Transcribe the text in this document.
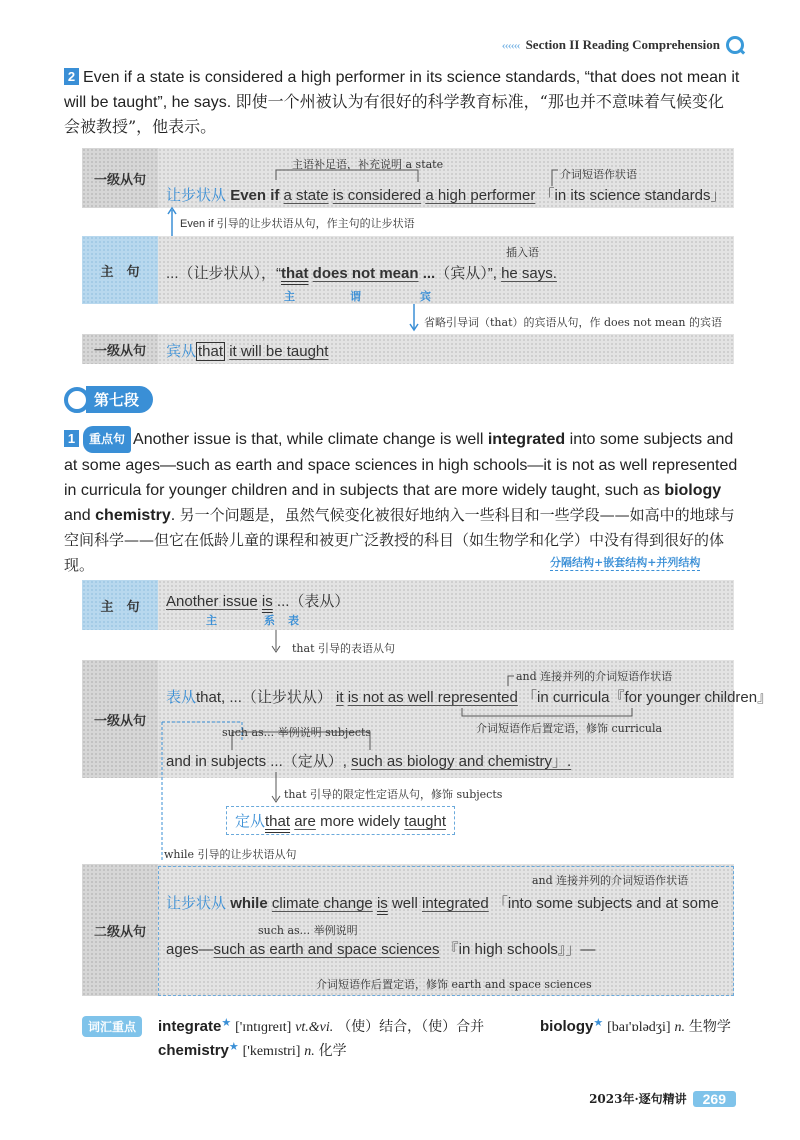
‹‹‹‹‹‹ Section II Reading Comprehension
2 Even if a state is considered a high performer in its science standards, “that does not mean it will be taught”, he says. 即使一个州被认为有很好的科学教育标准，“那也并不意味着气候变化
会被教授”，他表示。
一级从句
主语补足语，补充说明 a state
介词短语作状语
让步状从 Even if a state is considered a high performer 「in its science standards」
Even if 引导的让步状语从句，作主句的让步状语
主　句
插入语
...（让步状从），“that does not mean ...（宾从）”, he says.
主	谓	宾
省略引导词（that）的宾语从句，作 does not mean 的宾语
一级从句	宾从 that it will be taught
第七段
1 重点句 Another issue is that, while climate change is well integrated into some subjects and at some ages—such as earth and space sciences in high schools—it is not as well represented in curricula for younger children and in subjects that are more widely taught, such as biology and chemistry. 另一个问题是，虽然气候变化被很好地纳入一些科目和一些学段——如高中的地球与空间科学——但它在低龄儿童的课程和被更广泛教授的科目（如生物学和化学）中没有得到很好的体现。	分隔结构+嵌套结构+并列结构
主　句	Another issue is ...（表从）
主	系 表
that 引导的表语从句
一级从句
and 连接并列的介词短语作状语
表从that, ...（让步状从） it is not as well represented 「in curricula『for younger children』
such as... 举例说明 subjects	介词短语作后置定语，修饰 curricula
and in subjects ...（定从）, such as biology and chemistry」.
that 引导的限定性定语从句，修饰 subjects
定从that are more widely taught
while 引导的让步状语从句
二级从句
and 连接并列的介词短语作状语
让步状从 while climate change is well integrated 「into some subjects and at some
such as... 举例说明
ages—such as earth and space sciences 『in high schools』」—
介词短语作后置定语，修饰 earth and space sciences
词汇重点	integrate★ ['ɪntɪɡreɪt] vt.&vi. （使）结合，（使）合并	biology★ [baɪ'ɒlədʒi] n. 生物学
chemistry★ ['kemɪstri] n. 化学
2023年·逐句精讲	269
